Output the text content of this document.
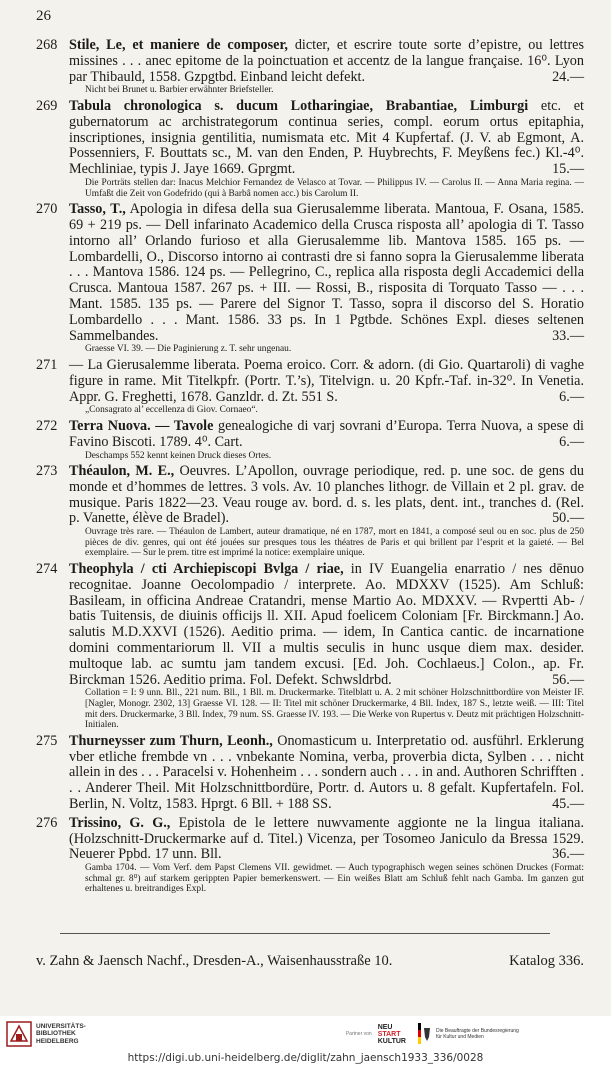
26
268 Stile, Le, et maniere de composer, dicter, et escrire toute sorte d’epistre, ou lettres missines . . . anec epitome de la poinctuation et accentz de la langue française. 16⁰. Lyon par Thibauld, 1558. Gzpgtbd. Einband leicht defekt.	24.—
Nicht bei Brunet u. Barbier erwähnter Briefsteller.
269 Tabula chronologica s. ducum Lotharingiae, Brabantiae, Limburgi etc. et gubernatorum ac archistrategorum continua series, compl. eorum ortus epitaphia, inscriptiones, insignia gentilitia, numismata etc. Mit 4 Kupfertaf. (J. V. ab Egmont, A. Possenniers, F. Bouttats sc., M. van den Enden, P. Huybrechts, F. Meyßens fec.) Kl.-4⁰. Mechliniae, typis J. Jaye 1669. Gprgmt.	15.—
Die Porträts stellen dar: Inacus Melchior Fernandez de Velasco at Tovar. — Philippus IV. — Carolus II. — Anna Maria regina. — Umfaßt die Zeit von Godefrido (qui à Barbâ nomen acc.) bis Carolum II.
270 Tasso, T., Apologia in difesa della sua Gierusalemme liberata. Mantoua, F. Osana, 1585. 69 + 219 ps. — Dell infarinato Academico della Crusca risposta all’ apologia di T. Tasso intorno all’ Orlando furioso et alla Gierusalemme lib. Mantova 1585. 165 ps. — Lombardelli, O., Discorso intorno ai contrasti dre si fanno sopra la Gierusalemme liberata . . . Mantova 1586. 124 ps. — Pellegrino, C., replica alla risposta degli Accademici della Crusca. Mantoua 1587. 267 ps. + III. — Rossi, B., risposita di Torquato Tasso — . . . Mant. 1585. 135 ps. — Parere del Signor T. Tasso, sopra il discorso del S. Horatio Lombardello . . . Mant. 1586. 33 ps. In 1 Pgtbde. Schönes Expl. dieses seltenen Sammelbandes.	33.—
Graesse VI. 39. — Die Paginierung z. T. sehr ungenau.
271 — La Gierusalemme liberata. Poema eroico. Corr. & adorn. (di Gio. Quartaroli) di vaghe figure in rame. Mit Titelkpfr. (Portr. T.’s), Titelvign. u. 20 Kpfr.-Taf. in-32⁰. In Venetia. Appr. G. Freghetti, 1678. Ganzldr. d. Zt. 551 S.	6.—
„Consagrato al’ eccellenza di Giov. Cornaeo“.
272 Terra Nuova. — Tavole genealogiche di varj sovrani d’Europa. Terra Nuova, a spese di Favino Biscoti. 1789. 4⁰. Cart.	6.—
Deschamps 552 kennt keinen Druck dieses Ortes.
273 Théaulon, M. E., Oeuvres. L’Apollon, ouvrage periodique, red. p. une soc. de gens du monde et d’hommes de lettres. 3 vols. Av. 10 planches lithogr. de Villain et 2 pl. grav. de musique. Paris 1822—23. Veau rouge av. bord. d. s. les plats, dent. int., tranches d. (Rel. p. Vanette, élève de Bradel).	50.—
Ouvrage très rare. — Théaulon de Lambert, auteur dramatique, né en 1787, mort en 1841, a composé seul ou en soc. plus de 250 pièces de div. genres, qui ont été jouées sur presques tous les théatres de Paris et qui brillent par l’esprit et la gaieté. — Bel exemplaire. — Sur le prem. titre est imprimé la notice: exemplaire unique.
274 Theophyla / cti Archiepiscopi Bvlga / riae, in IV Euangelia enarratio / nes dēnuo recognitae. Joanne Oecolompadio / interprete. Ao. MDXXV (1525). Am Schluß: Basileam, in officina Andreae Cratandri, mense Martio Ao. MDXXV. — Rvpertti Ab- / batis Tuitensis, de diuinis officijs ll. XII. Apud foelicem Coloniam [Fr. Birckmann.] Ao. salutis M.D.XXVI (1526). Aeditio prima. — idem, In Cantica cantic. de incarnatione domini commentariorum ll. VII a multis seculis in hunc usque diem max. desider. multoque lab. ac sumtu jam tandem excusi. [Ed. Joh. Cochlaeus.] Colon., ap. Fr. Birckman 1526. Aeditio prima. Fol. Defekt. Schwsldrbd.	56.—
Collation = I: 9 unn. Bll., 221 num. Bll., 1 Bll. m. Druckermarke. Titelblatt u. A. 2 mit schöner Holzschnittbordüre von Meister IF. [Nagler, Monogr. 2302, 13] Graesse VI. 128. — II: Titel mit schöner Druckermarke, 4 Bll. Index, 187 S., letzte weiß. — III: Titel mit ders. Druckermarke, 3 Bll. Index, 79 num. SS. Graesse IV. 193. — Die Werke von Rupertus v. Deutz mit prächtigen Holzschnitt-Initialen.
275 Thurneysser zum Thurn, Leonh., Onomasticum u. Interpretatio od. ausführl. Erklerung vber etliche frembde vn . . . vnbekante Nomina, verba, proverbia dicta, Sylben . . . nicht allein in des . . . Paracelsi v. Hohenheim . . . sondern auch . . . in and. Authoren Schrifften . . . Anderer Theil. Mit Holzschnittbordüre, Portr. d. Autors u. 8 gefalt. Kupfertafeln. Fol. Berlin, N. Voltz, 1583. Hprgt. 6 Bll. + 188 SS.	45.—
276 Trissino, G. G., Epistola de le lettere nuwvamente aggionte ne la lingua italiana. (Holzschnitt-Druckermarke auf d. Titel.) Vicenza, per Tosomeo Janiculo da Bressa 1529. Neuerer Ppbd. 17 unn. Bll.	36.—
Gamba 1704. — Vom Verf. dem Papst Clemens VII. gewidmet. — Auch typographisch wegen seines schönen Druckes (Format: schmal gr. 8⁰) auf starkem gerippten Papier bemerkenswert. — Ein weißes Blatt am Schluß fehlt nach Gamba. Im ganzen gut erhaltenes u. breitrandiges Expl.
v. Zahn & Jaensch Nachf., Dresden-A., Waisenhausstraße 10.	Katalog 336.
UNIVERSITÄTS-
BIBLIOTHEK
HEIDELBERG
Partner von
NEU
START
KULTUR
Die Beauftragte der Bundesregierung
für Kultur und Medien
https://digi.ub.uni-heidelberg.de/diglit/zahn_jaensch1933_336/0028
